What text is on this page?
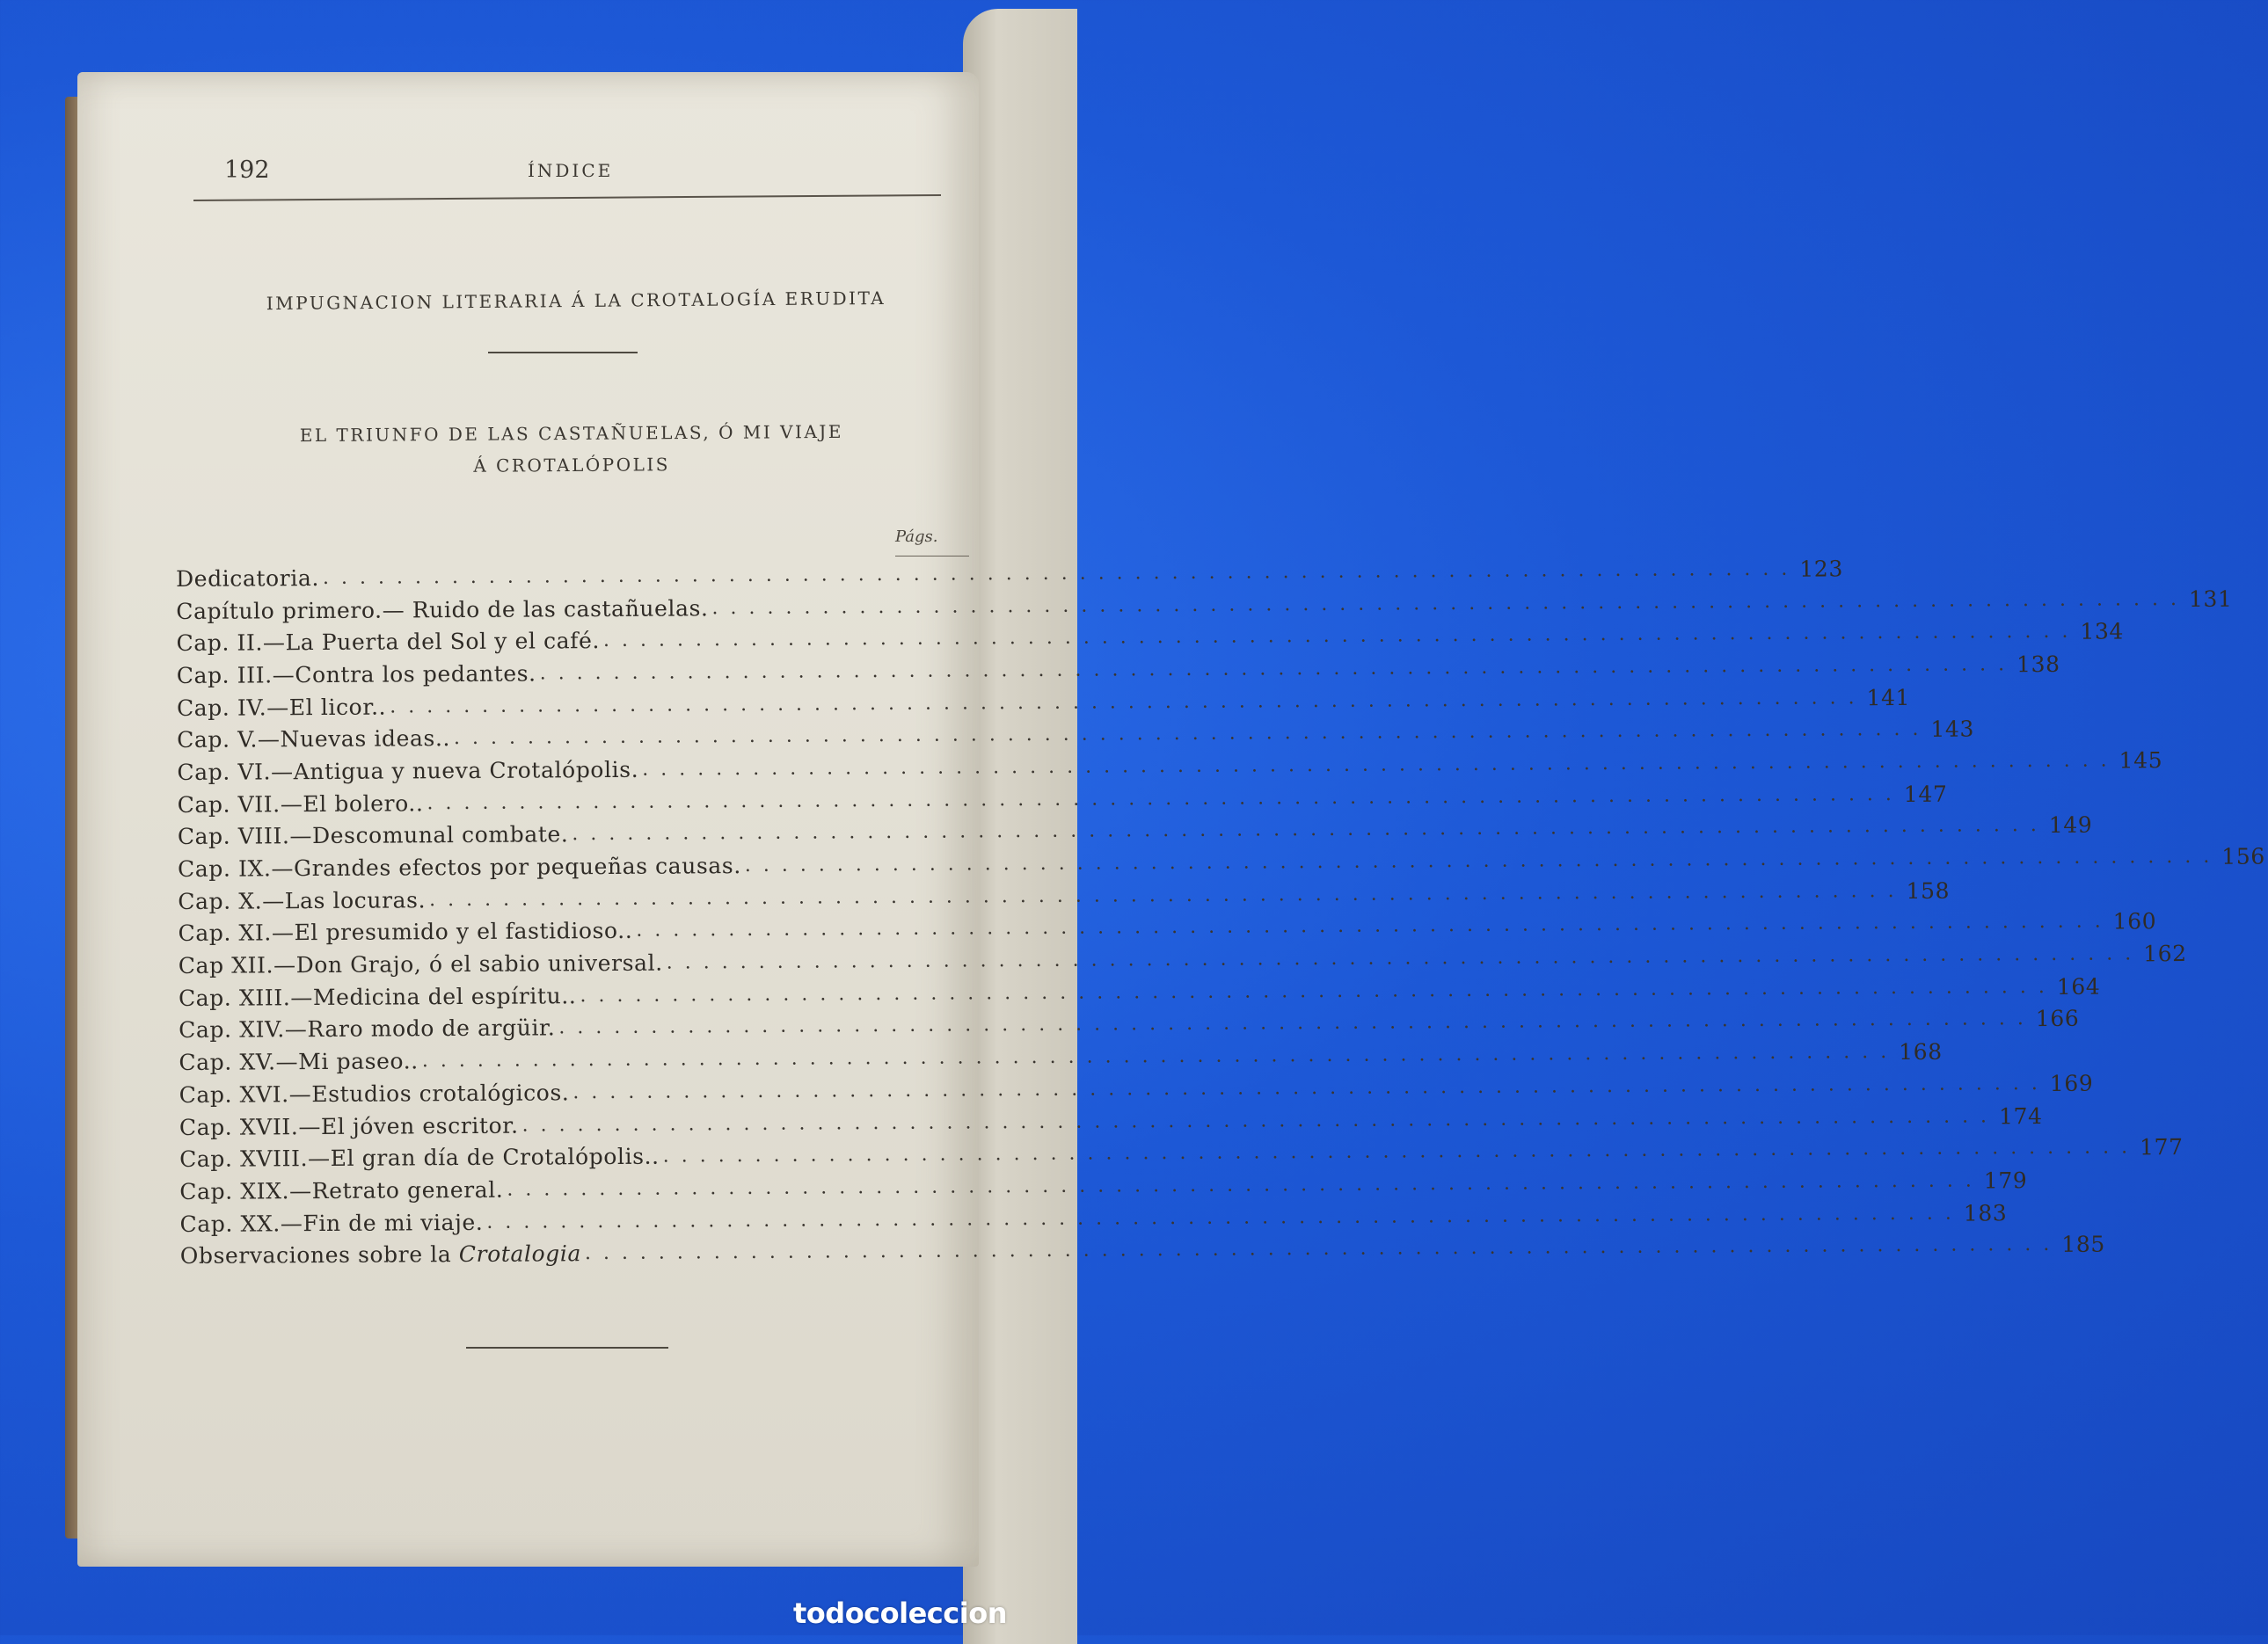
192	ÍNDICE
IMPUGNACION LITERARIA Á LA CROTALOGÍA ERUDITA
EL TRIUNFO DE LAS CASTAÑUELAS, Ó MI VIAJE
Á CROTALÓPOLIS
Págs.
Dedicatoria. ................................................................................ 123
Capítulo primero.— Ruido de las castañuelas. ................................................................................ 131
Cap. II.—La Puerta del Sol y el café. ................................................................................ 134
Cap. III.—Contra los pedantes. ................................................................................ 138
Cap. IV.—El licor.. ................................................................................ 141
Cap. V.—Nuevas ideas.. ................................................................................ 143
Cap. VI.—Antigua y nueva Crotalópolis. ................................................................................ 145
Cap. VII.—El bolero.. ................................................................................ 147
Cap. VIII.—Descomunal combate. ................................................................................ 149
Cap. IX.—Grandes efectos por pequeñas causas. ................................................................................ 156
Cap. X.—Las locuras. ................................................................................ 158
Cap. XI.—El presumido y el fastidioso.. ................................................................................ 160
Cap XII.—Don Grajo, ó el sabio universal. ................................................................................ 162
Cap. XIII.—Medicina del espíritu.. ................................................................................ 164
Cap. XIV.—Raro modo de argüir. ................................................................................ 166
Cap. XV.—Mi paseo.. ................................................................................ 168
Cap. XVI.—Estudios crotalógicos. ................................................................................ 169
Cap. XVII.—El jóven escritor. ................................................................................ 174
Cap. XVIII.—El gran día de Crotalópolis.. ................................................................................ 177
Cap. XIX.—Retrato general. ................................................................................ 179
Cap. XX.—Fin de mi viaje. ................................................................................ 183
Observaciones sobre la Crotalogia ................................................................................ 185
todocoleccion
